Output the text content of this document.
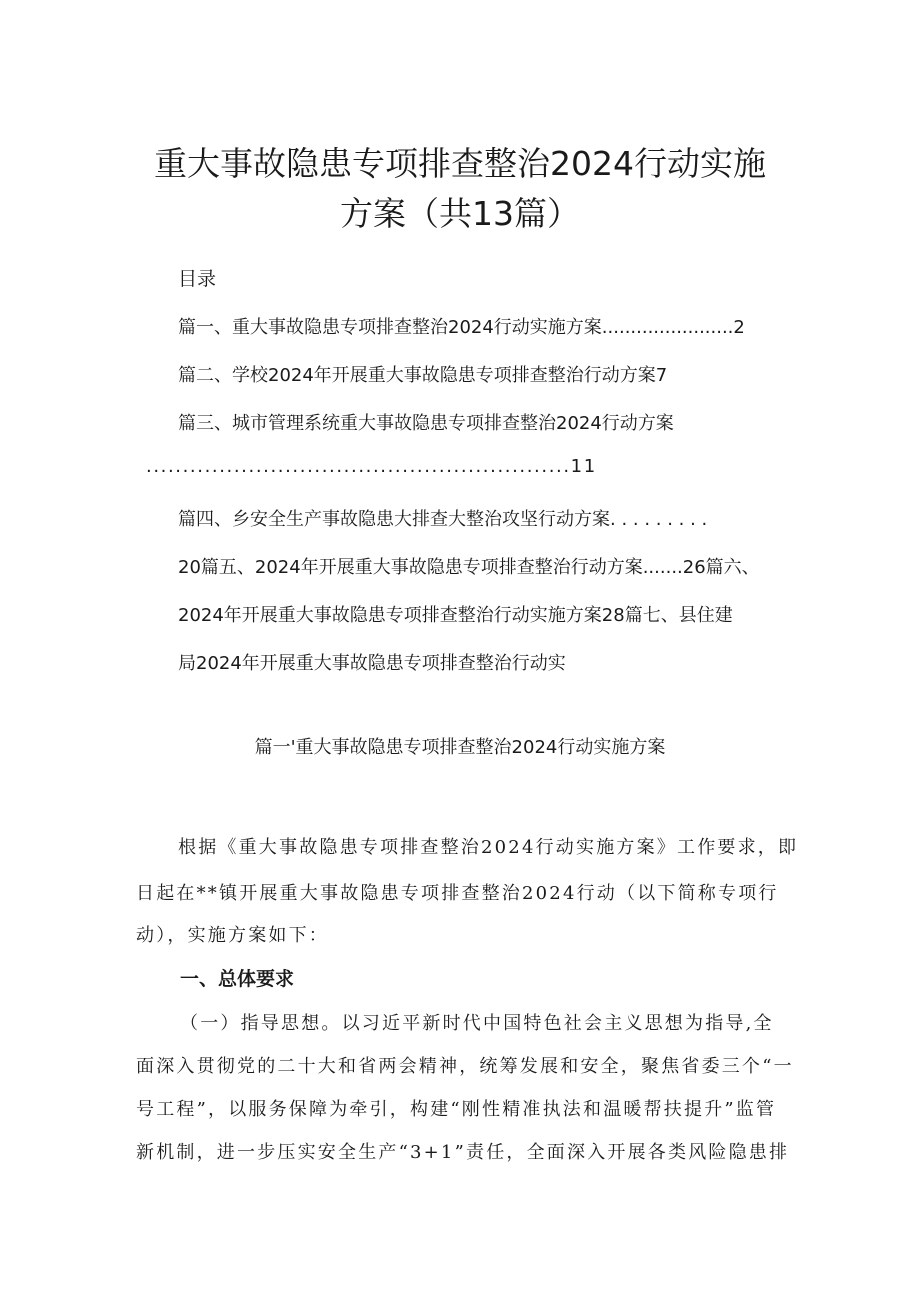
重大事故隐患专项排查整治2024行动实施
方案（共13篇）
目录
篇一、重大事故隐患专项排查整治2024行动实施方案.......................2
篇二、学校2024年开展重大事故隐患专项排查整治行动方案7
篇三、城市管理系统重大事故隐患专项排查整治2024行动方案
..........................................................11
篇四、乡安全生产事故隐患大排查大整治攻坚行动方案. . . . . . . . .
20篇五、2024年开展重大事故隐患专项排查整治行动方案.......26篇六、
2024年开展重大事故隐患专项排查整治行动实施方案28篇七、县住建
局2024年开展重大事故隐患专项排查整治行动实
篇一'重大事故隐患专项排查整治2024行动实施方案
根据《重大事故隐患专项排查整治2024行动实施方案》工作要求，即
日起在**镇开展重大事故隐患专项排查整治2024行动（以下简称专项行
动），实施方案如下：
一、总体要求
（一）指导思想。以习近平新时代中国特色社会主义思想为指导,全
面深入贯彻党的二十大和省两会精神，统筹发展和安全，聚焦省委三个“一
号工程”，以服务保障为牵引，构建“刚性精准执法和温暖帮扶提升”监管
新机制，进一步压实安全生产“3+1”责任，全面深入开展各类风险隐患排
